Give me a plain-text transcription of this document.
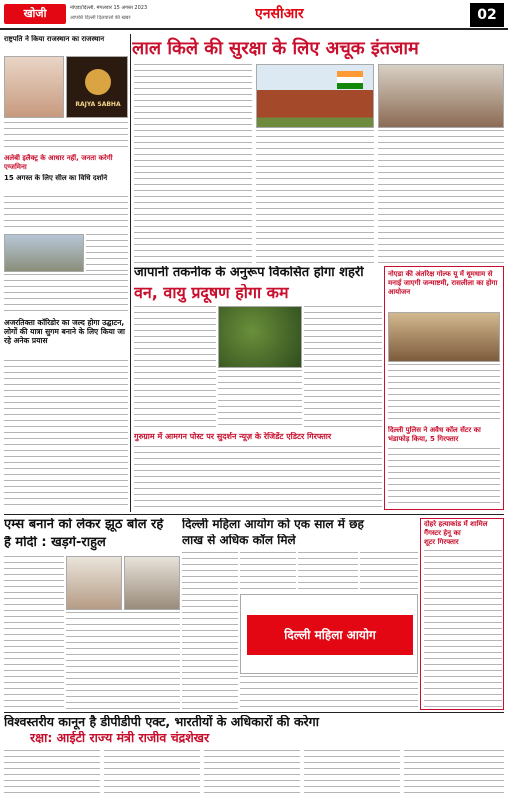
खोजी	नोएडा/दिल्ली, मंगलवार 15 अगस्त 2023
आपकी दिल्ली दिलवालों की खबर	एनसीआर	02
राष्ट्रपति ने किया राजस्थान का राजस्थान
RAJYA SABHA
अलेबी इलैक्ट्र के आधार नहीं, जनता करेगी एग्जमिना
15 अगस्त के लिए सील का विधि दर्शाने
अजरतिक्ता कॉरिडोर का जल्द होगा उद्घाटन, लोगों की यात्रा सुगम बनाने के लिए किया जा रहे अनेक प्रयास
लाल किले की सुरक्षा के लिए अचूक इंतजाम
जापानी तकनीक के अनुरूप विकसित होगा शहरी
वन, वायु प्रदूषण होगा कम
नोएडा की अंतरिक्ष गोल्फ यू में धूमधाम से मनाई जाएगी जन्माष्टमी, रासलीला का होगा आयोजन
दिल्ली पुलिस ने अवैध कॉल सेंटर का भंडाफोड़ किया, 5 गिरफ्तार
गुरुग्राम में आमगन पोस्ट पर सुदर्शन न्यूज़ के रेजिडेंट एडिटर गिरफ्तार
एम्स बनाने को लेकर झूठ बोल रहे
हैं मोदी : खड़गे-राहुल
दिल्ली महिला आयोग को एक साल में छह
लाख से अधिक कॉल मिले
दिल्ली महिला आयोग
दोहरे हत्याकांड में शामिल
गैंगस्टर हेनू का
शूटर गिरफ्तार
विश्वस्तरीय कानून है डीपीडीपी एक्ट, भारतीयों के अधिकारों की करेगा
रक्षा: आईटी राज्य मंत्री राजीव चंद्रशेखर
